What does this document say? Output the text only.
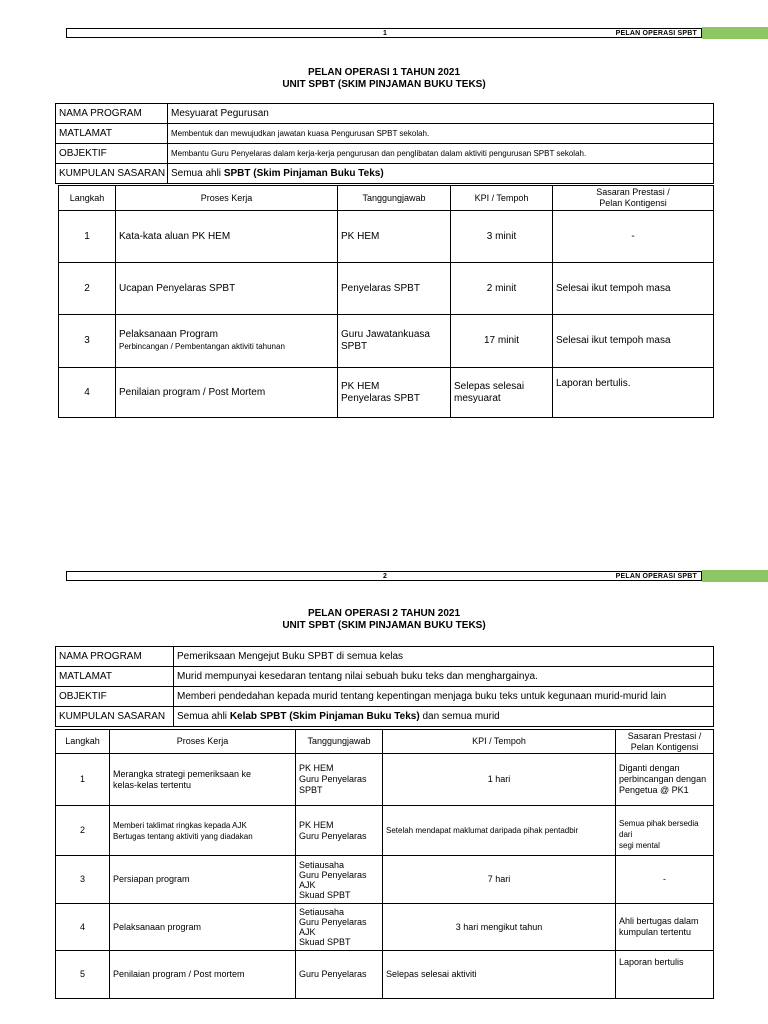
1	PELAN OPERASI SPBT
PELAN OPERASI 1 TAHUN 2021
UNIT SPBT (SKIM PINJAMAN BUKU TEKS)
NAMA PROGRAM	Mesyuarat Pegurusan
MATLAMAT	Membentuk dan mewujudkan jawatan kuasa Pengurusan SPBT sekolah.
OBJEKTIF	Membantu Guru Penyelaras dalam kerja-kerja pengurusan dan penglibatan dalam aktiviti pengurusan SPBT sekolah.
KUMPULAN SASARAN	Semua ahli SPBT (Skim Pinjaman Buku Teks)
Langkah	Proses Kerja	Tanggungjawab	KPI / Tempoh	Sasaran Prestasi /
Pelan Kontigensi

1	Kata-kata aluan PK HEM	PK HEM	3 minit	-
2	Ucapan Penyelaras SPBT	Penyelaras SPBT	2 minit	Selesai ikut tempoh masa
3	Pelaksanaan Program
Perbincangan / Pembentangan aktiviti tahunan	Guru Jawatankuasa
SPBT	17 minit	Selesai ikut tempoh masa
4	Penilaian program / Post Mortem	PK HEM
Penyelaras SPBT	Selepas selesai mesyuarat	Laporan bertulis.
2	PELAN OPERASI SPBT
PELAN OPERASI 2 TAHUN 2021
UNIT SPBT (SKIM PINJAMAN BUKU TEKS)
NAMA PROGRAM	Pemeriksaan Mengejut Buku SPBT di semua kelas
MATLAMAT	Murid mempunyai kesedaran tentang nilai sebuah buku teks dan menghargainya.
OBJEKTIF	Memberi pendedahan kepada murid tentang kepentingan menjaga buku teks untuk kegunaan murid-murid lain
KUMPULAN SASARAN	Semua ahli Kelab SPBT (Skim Pinjaman Buku Teks) dan semua murid
Langkah	Proses Kerja	Tanggungjawab	KPI / Tempoh	Sasaran Prestasi /
Pelan Kontigensi

1	Merangka strategi pemeriksaan ke
kelas-kelas tertentu	PK HEM
Guru Penyelaras
SPBT	1 hari	Diganti dengan
perbincangan dengan
Pengetua @ PK1

2	Memberi taklimat ringkas kepada AJK
Bertugas tentang aktiviti yang diadakan	PK HEM
Guru Penyelaras	Setelah mendapat maklumat daripada pihak pentadbir	Semua pihak bersedia dari
segi mental

3	Persiapan program	Setiausaha
Guru Penyelaras
AJK
Skuad SPBT	7 hari	-
4	Pelaksanaan program	Setiausaha
Guru Penyelaras
AJK
Skuad SPBT	3 hari mengikut tahun	Ahli bertugas dalam
kumpulan tertentu

5	Penilaian program / Post mortem	Guru Penyelaras	Selepas selesai aktiviti	Laporan bertulis
